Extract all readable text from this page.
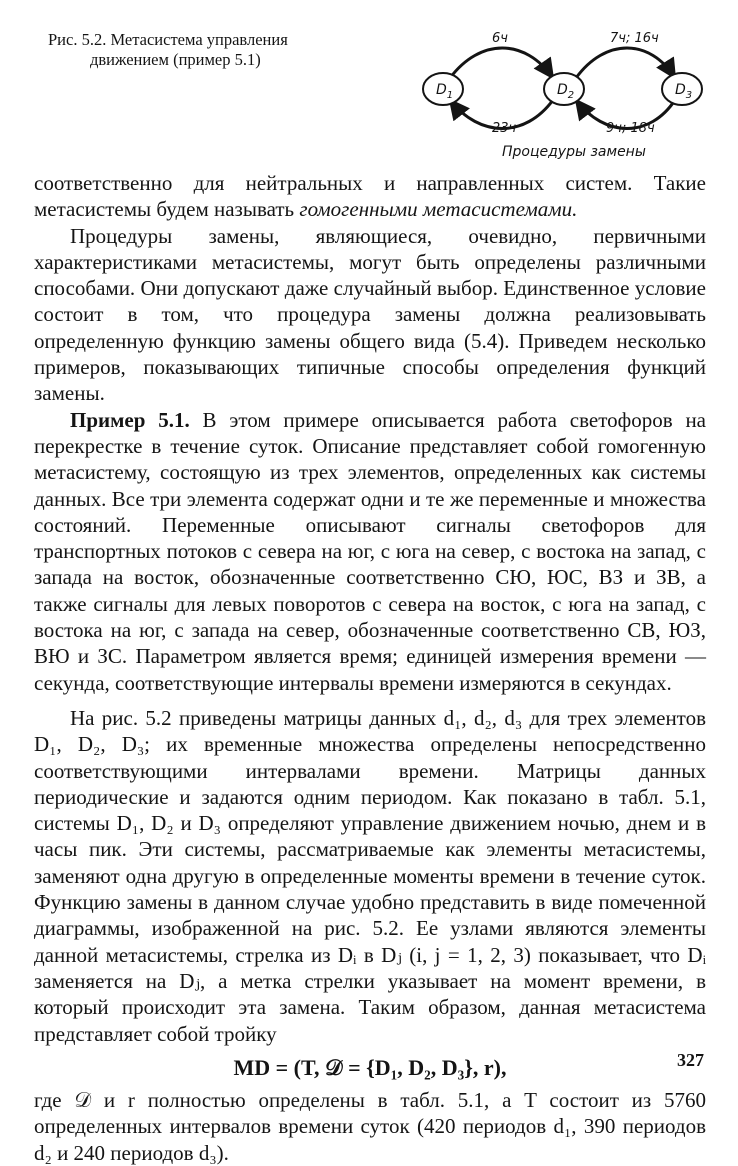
Рис. 5.2. Метасистема управления
движением (пример 5.1)
$D_1$	$D_2$	$D_3$
6ч	7ч; 16ч
23ч	9ч; 18ч
Процедуры замены

соответственно для нейтральных и направленных систем. Такие метасистемы будем называть гомогенными метасистемами.

Процедуры замены, являющиеся, очевидно, первичными характеристиками метасистемы, могут быть определены различными способами. Они допускают даже случайный выбор. Единственное условие состоит в том, что процедура замены должна реализовывать определенную функцию замены общего вида (5.4). Приведем несколько примеров, показывающих типичные способы определения функций замены.

Пример 5.1. В этом примере описывается работа светофоров на перекрестке в течение суток. Описание представляет собой гомогенную метасистему, состоящую из трех элементов, определенных как системы данных. Все три элемента содержат одни и те же переменные и множества состояний. Переменные описывают сигналы светофоров для транспортных потоков с севера на юг, с юга на север, с востока на запад, с запада на восток, обозначенные соответственно СЮ, ЮС, ВЗ и ЗВ, а также сигналы для левых поворотов с севера на восток, с юга на запад, с востока на юг, с запада на север, обозначенные соответственно СВ, ЮЗ, ВЮ и ЗС. Параметром является время; единицей измерения времени — секунда, соответствующие интервалы времени измеряются в секундах.

На рис. 5.2 приведены матрицы данных d₁, d₂, d₃ для трех элементов D₁, D₂, D₃; их временные множества определены непосредственно соответствующими интервалами времени. Матрицы данных периодические и задаются одним периодом. Как показано в табл. 5.1, системы D₁, D₂ и D₃ определяют управление движением ночью, днем и в часы пик. Эти системы, рассматриваемые как элементы метасистемы, заменяют одна другую в определенные моменты времени в течение суток. Функцию замены в данном случае удобно представить в виде помеченной диаграммы, изображенной на рис. 5.2. Ее узлами являются элементы данной метасистемы, стрелка из Dᵢ в Dⱼ (i, j = 1, 2, 3) показывает, что Dᵢ заменяется на Dⱼ, а метка стрелки указывает на момент времени, в который происходит эта замена. Таким образом, данная метасистема представляет собой тройку

MD = (T, 𝒟 = {D₁, D₂, D₃}, r),

где 𝒟 и r полностью определены в табл. 5.1, а T состоит из 5760 определенных интервалов времени суток (420 периодов d₁, 390 периодов d₂ и 240 периодов d₃).

327
